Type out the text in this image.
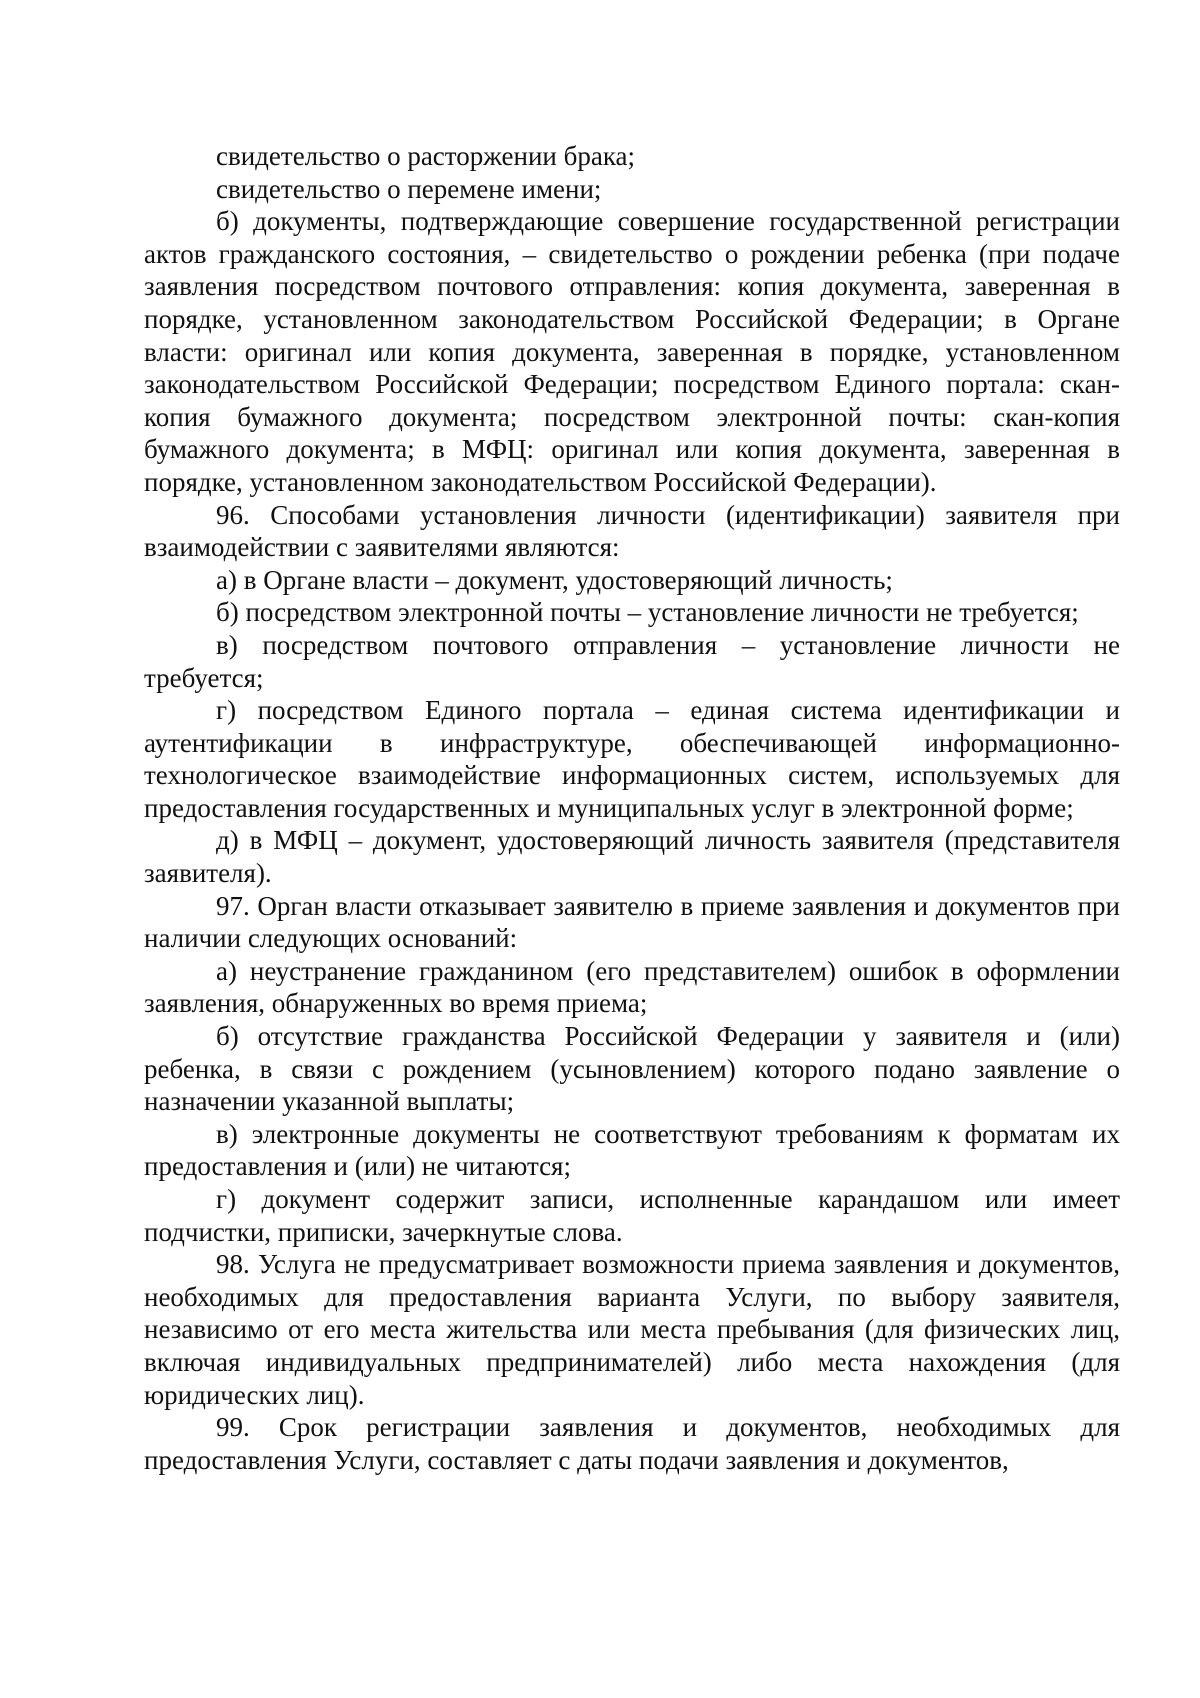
свидетельство о расторжении брака;

свидетельство о перемене имени;

б) документы, подтверждающие совершение государственной регистрации актов гражданского состояния, – свидетельство о рождении ребенка (при подаче заявления посредством почтового отправления: копия документа, заверенная в порядке, установленном законодательством Российской Федерации; в Органе власти: оригинал или копия документа, заверенная в порядке, установленном законодательством Российской Федерации; посредством Единого портала: скан-копия бумажного документа; посредством электронной почты: скан-копия бумажного документа; в МФЦ: оригинал или копия документа, заверенная в порядке, установленном законодательством Российской Федерации).

96. Способами установления личности (идентификации) заявителя при взаимодействии с заявителями являются:

а) в Органе власти – документ, удостоверяющий личность;

б) посредством электронной почты – установление личности не требуется;

в) посредством почтового отправления – установление личности не требуется;

г) посредством Единого портала – единая система идентификации и аутентификации в инфраструктуре, обеспечивающей информационно-технологическое взаимодействие информационных систем, используемых для предоставления государственных и муниципальных услуг в электронной форме;

д) в МФЦ – документ, удостоверяющий личность заявителя (представителя заявителя).

97. Орган власти отказывает заявителю в приеме заявления и документов при наличии следующих оснований:

а) неустранение гражданином (его представителем) ошибок в оформлении заявления, обнаруженных во время приема;

б) отсутствие гражданства Российской Федерации у заявителя и (или) ребенка, в связи с рождением (усыновлением) которого подано заявление о назначении указанной выплаты;

в) электронные документы не соответствуют требованиям к форматам их предоставления и (или) не читаются;

г) документ содержит записи, исполненные карандашом или имеет подчистки, приписки, зачеркнутые слова.

98. Услуга не предусматривает возможности приема заявления и документов, необходимых для предоставления варианта Услуги, по выбору заявителя, независимо от его места жительства или места пребывания (для физических лиц, включая индивидуальных предпринимателей) либо места нахождения (для юридических лиц).

99. Срок регистрации заявления и документов, необходимых для предоставления Услуги, составляет с даты подачи заявления и документов,
